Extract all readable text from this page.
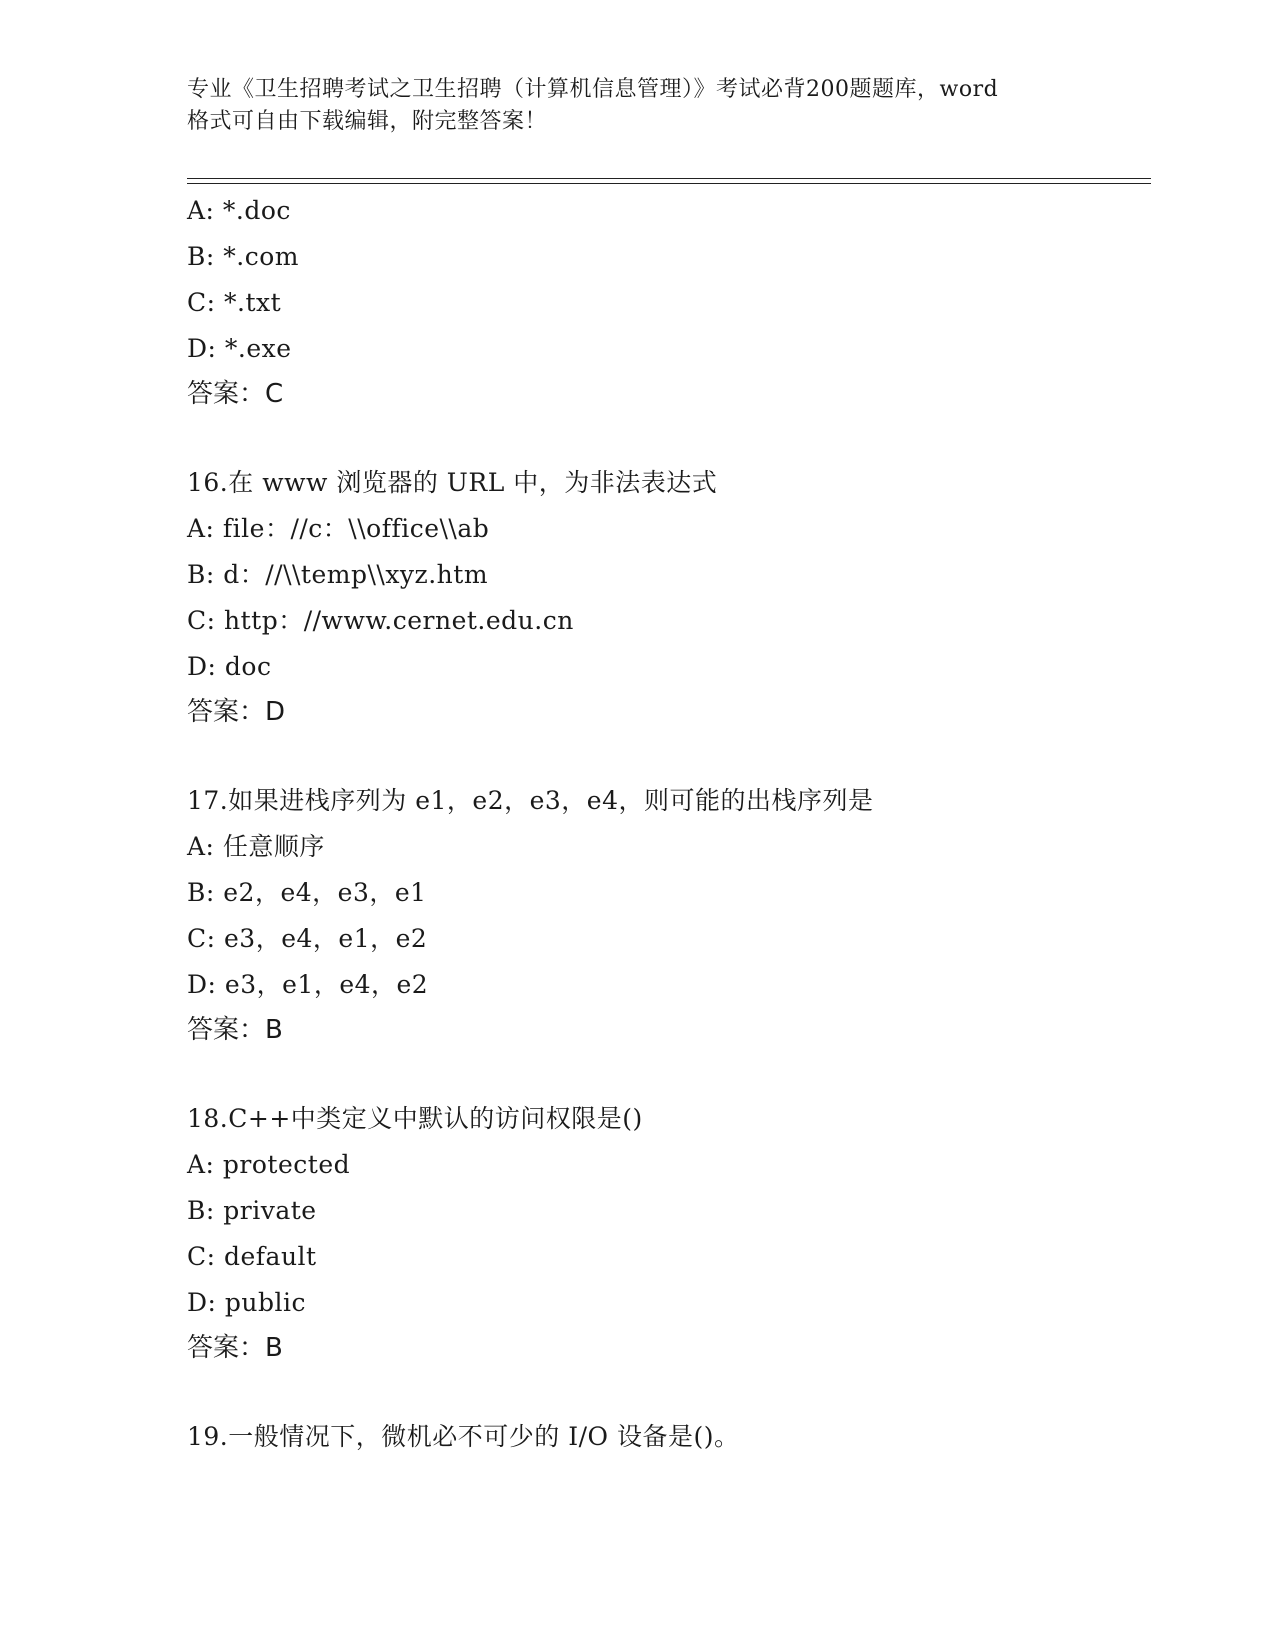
专业《卫生招聘考试之卫生招聘（计算机信息管理）》考试必背200题题库，word
格式可自由下载编辑，附完整答案！
A: *.doc
B: *.com
C: *.txt
D: *.exe
答案：C
16.在 www 浏览器的 URL 中，为非法表达式
A: file：//c：\\office\\ab
B: d：//\\temp\\xyz.htm
C: http：//www.cernet.edu.cn
D: doc
答案：D
17.如果进栈序列为 e1，e2，e3，e4，则可能的出栈序列是
A: 任意顺序
B: e2，e4，e3，e1
C: e3，e4，e1，e2
D: e3，e1，e4，e2
答案：B
18.C++中类定义中默认的访问权限是()
A: protected
B: private
C: default
D: public
答案：B
19.一般情况下，微机必不可少的 I/O 设备是()。
